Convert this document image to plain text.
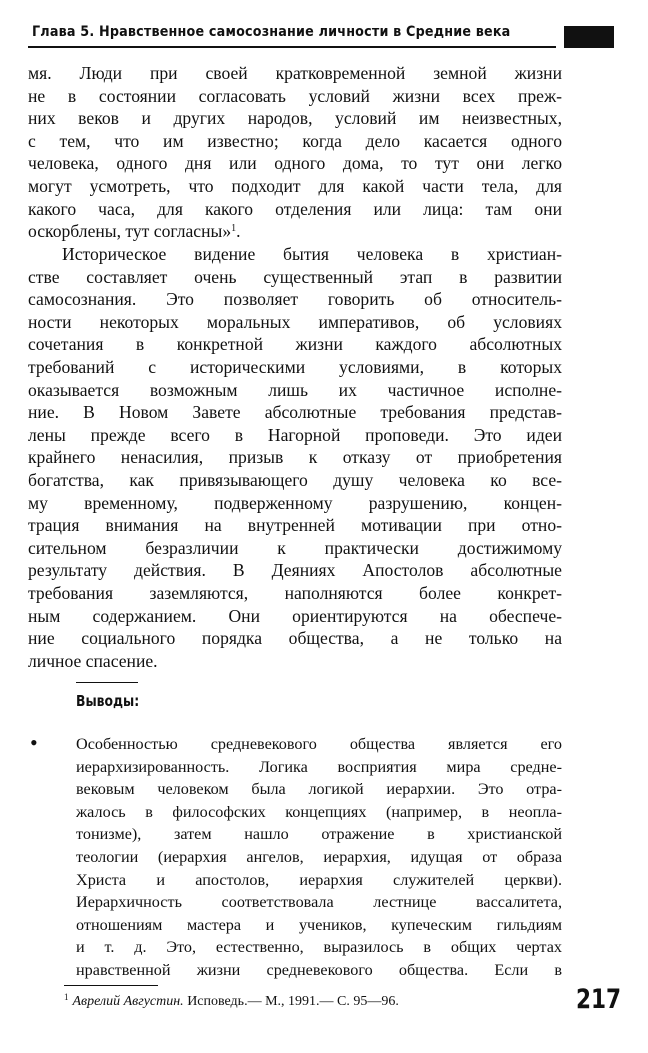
Глава 5. Нравственное самосознание личности в Средние века
мя. Люди при своей кратковременной земной жизни
не в состоянии согласовать условий жизни всех преж-
них веков и других народов, условий им неизвестных,
с тем, что им известно; когда дело касается одного
человека, одного дня или одного дома, то тут они легко
могут усмотреть, что подходит для какой части тела, для
какого часа, для какого отделения или лица: там они
оскорблены, тут согласны»$^1$.
Историческое видение бытия человека в христиан-
стве составляет очень существенный этап в развитии
самосознания. Это позволяет говорить об относитель-
ности некоторых моральных императивов, об условиях
сочетания в конкретной жизни каждого абсолютных
требований с историческими условиями, в которых
оказывается возможным лишь их частичное исполне-
ние. В Новом Завете абсолютные требования представ-
лены прежде всего в Нагорной проповеди. Это идеи
крайнего ненасилия, призыв к отказу от приобретения
богатства, как привязывающего душу человека ко все-
му временному, подверженному разрушению, концен-
трация внимания на внутренней мотивации при отно-
сительном безразличии к практически достижимому
результату действия. В Деяниях Апостолов абсолютные
требования заземляются, наполняются более конкрет-
ным содержанием. Они ориентируются на обеспече-
ние социального порядка общества, а не только на
личное спасение.
Выводы:
• Особенностью средневекового общества является его
иерархизированность. Логика восприятия мира средне-
вековым человеком была логикой иерархии. Это отра-
жалось в философских концепциях (например, в неопла-
тонизме), затем нашло отражение в христианской
теологии (иерархия ангелов, иерархия, идущая от образа
Христа и апостолов, иерархия служителей церкви).
Иерархичность соответствовала лестнице вассалитета,
отношениям мастера и учеников, купеческим гильдиям
и т. д. Это, естественно, выразилось в общих чертах
нравственной жизни средневекового общества. Если в
$^1$ Аврелий Августин. Исповедь.— М., 1991.— С. 95—96.	217
